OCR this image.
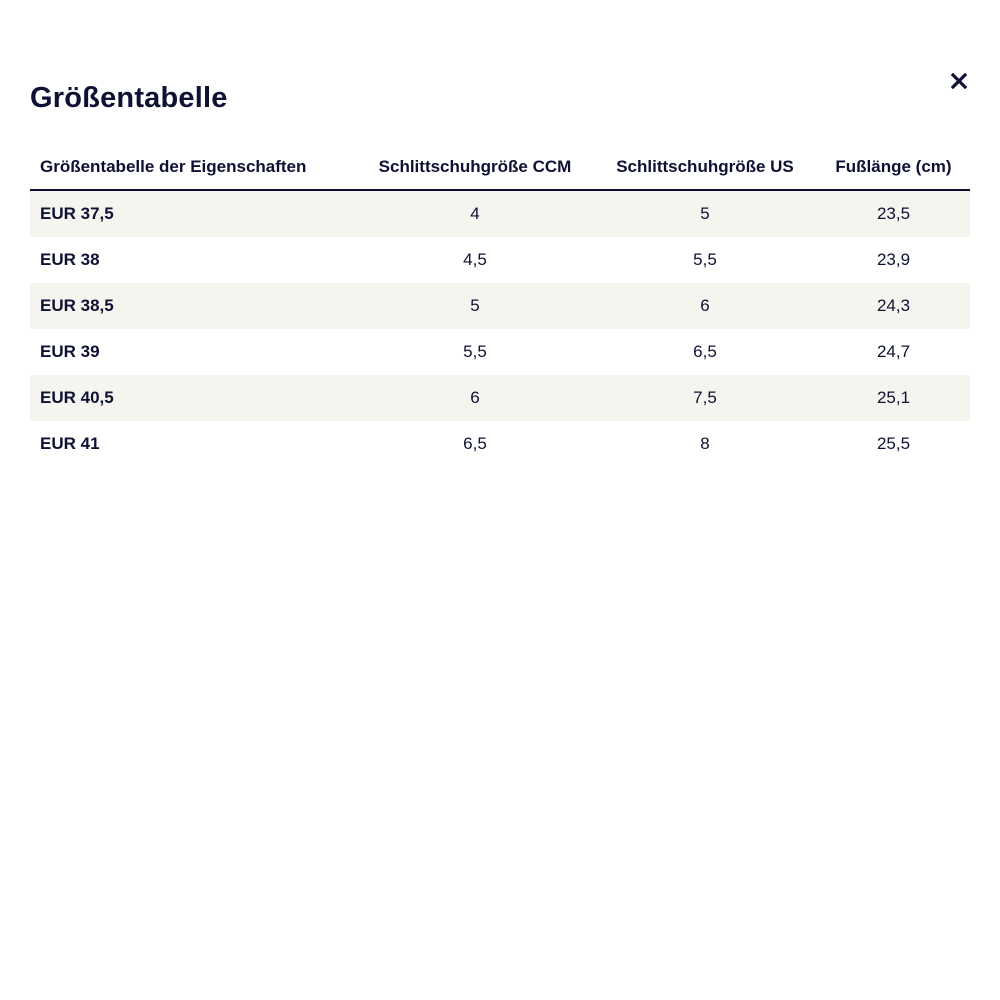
Größentabelle
Größentabelle der Eigenschaften	Schlittschuhgröße CCM	Schlittschuhgröße US	Fußlänge (cm)
EUR 37,5	4	5	23,5
EUR 38	4,5	5,5	23,9
EUR 38,5	5	6	24,3
EUR 39	5,5	6,5	24,7
EUR 40,5	6	7,5	25,1
EUR 41	6,5	8	25,5
